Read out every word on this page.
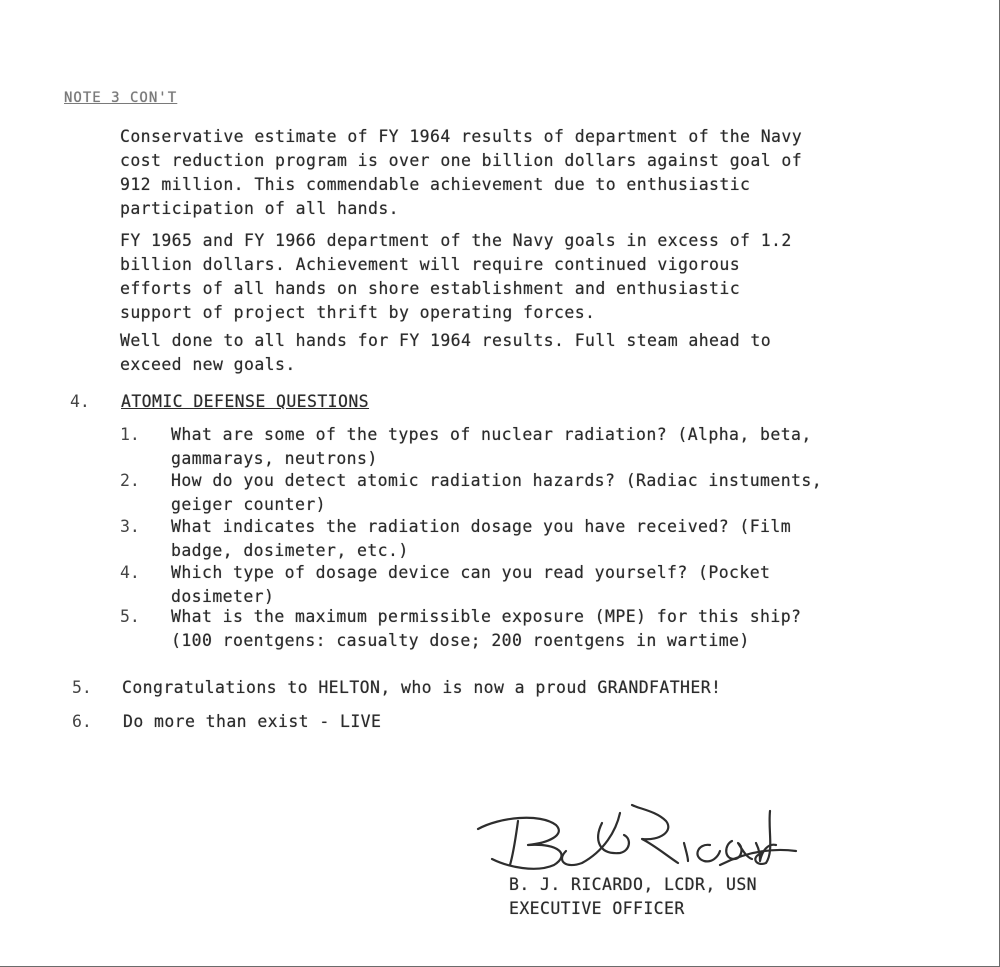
NOTE 3 CON'T
Conservative estimate of FY 1964 results of department of the Navy
cost reduction program is over one billion dollars against goal of
912 million. This commendable achievement due to enthusiastic
participation of all hands.
FY 1965 and FY 1966 department of the Navy goals in excess of 1.2
billion dollars. Achievement will require continued vigorous
efforts of all hands on shore establishment and enthusiastic
support of project thrift by operating forces.
Well done to all hands for FY 1964 results. Full steam ahead to
exceed new goals.
4. ATOMIC DEFENSE QUESTIONS
1. What are some of the types of nuclear radiation? (Alpha, beta,
gammarays, neutrons)
2. How do you detect atomic radiation hazards? (Radiac instuments,
geiger counter)
3. What indicates the radiation dosage you have received? (Film
badge, dosimeter, etc.)
4. Which type of dosage device can you read yourself? (Pocket
dosimeter)
5. What is the maximum permissible exposure (MPE) for this ship?
(100 roentgens: casualty dose; 200 roentgens in wartime)
5. Congratulations to HELTON, who is now a proud GRANDFATHER!
6. Do more than exist - LIVE
B. J. RICARDO, LCDR, USN
EXECUTIVE OFFICER
